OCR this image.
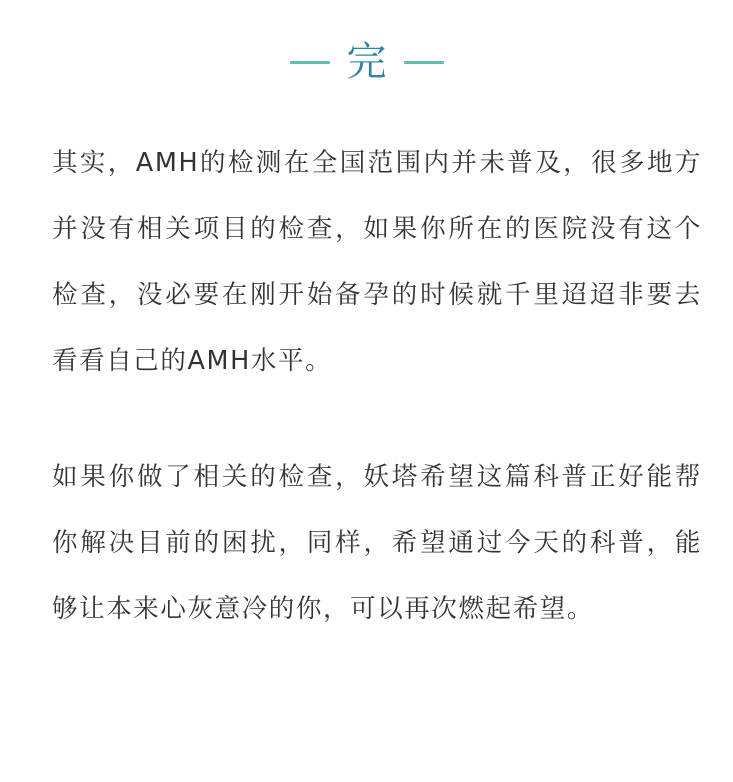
完

其实，AMH的检测在全国范围内并未普及，很多地方并没有相关项目的检查，如果你所在的医院没有这个检查，没必要在刚开始备孕的时候就千里迢迢非要去看看自己的AMH水平。

如果你做了相关的检查，妖塔希望这篇科普正好能帮你解决目前的困扰，同样，希望通过今天的科普，能够让本来心灰意冷的你，可以再次燃起希望。
